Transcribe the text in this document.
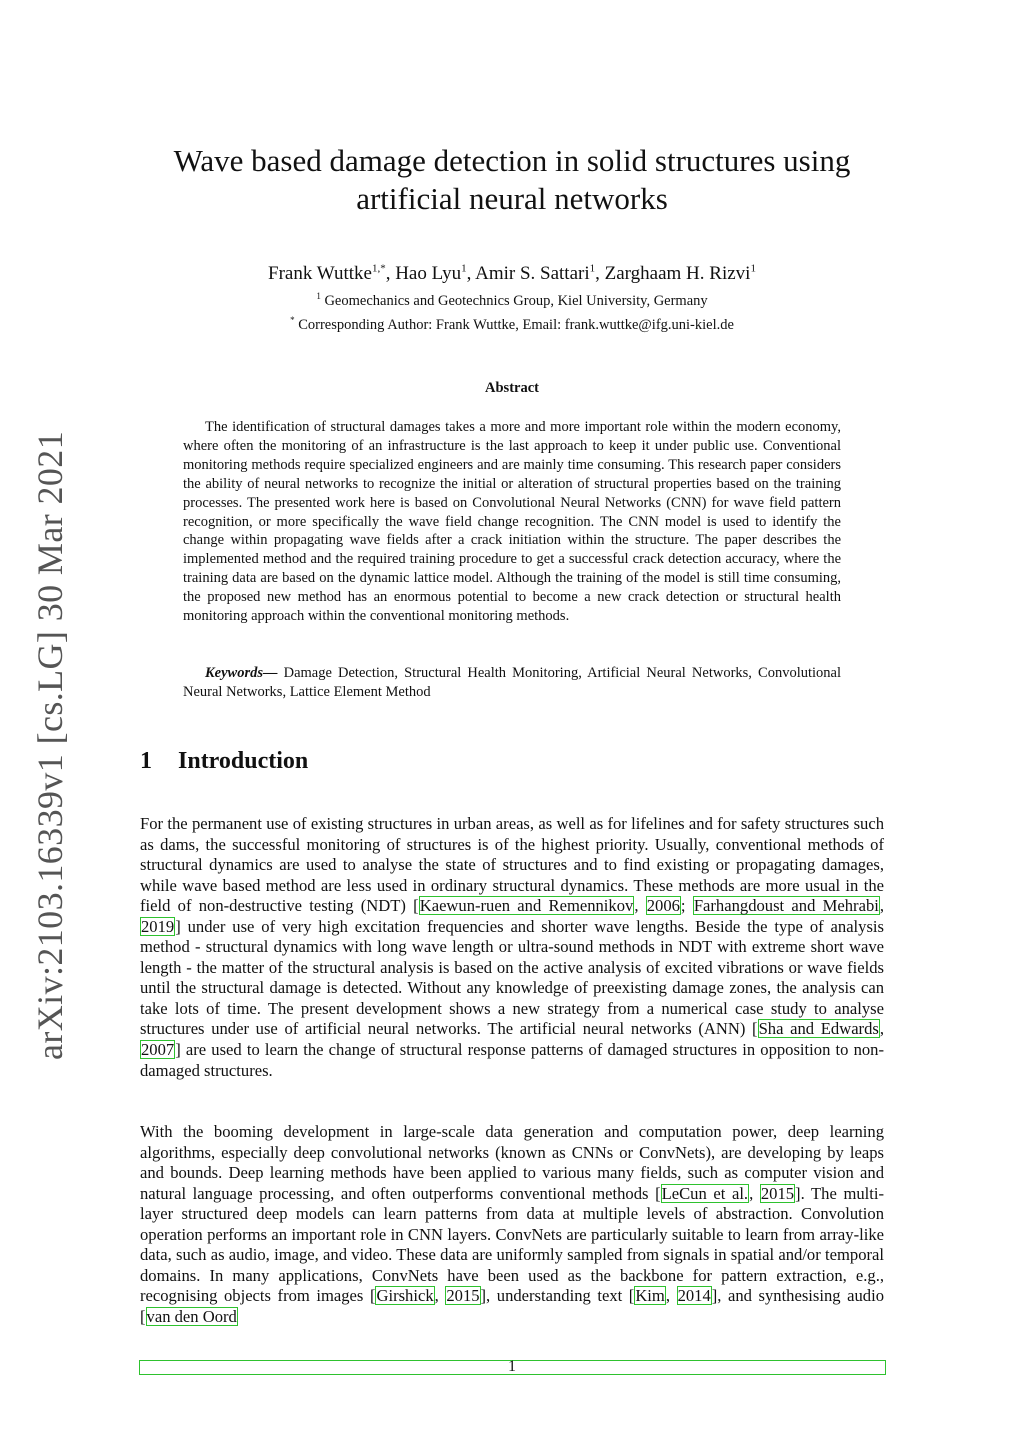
arXiv:2103.16339v1 [cs.LG] 30 Mar 2021
Wave based damage detection in solid structures using
artificial neural networks
Frank Wuttke$^{1,*}$, Hao Lyu$^1$, Amir S. Sattari$^1$, Zarghaam H. Rizvi$^1$
$^1$ Geomechanics and Geotechnics Group, Kiel University, Germany
* Corresponding Author: Frank Wuttke, Email: frank.wuttke@ifg.uni-kiel.de
Abstract

The identification of structural damages takes a more and more important role within the modern economy, where often the monitoring of an infrastructure is the last approach to keep it under public use. Conventional monitoring methods require specialized engineers and are mainly time consuming. This research paper considers the ability of neural networks to recognize the initial or alteration of structural properties based on the training processes. The presented work here is based on Convolutional Neural Networks (CNN) for wave field pattern recognition, or more specifically the wave field change recognition. The CNN model is used to identify the change within propagating wave fields after a crack initiation within the structure. The paper describes the implemented method and the required training procedure to get a successful crack detection accuracy, where the training data are based on the dynamic lattice model. Although the training of the model is still time consuming, the proposed new method has an enormous potential to become a new crack detection or structural health monitoring approach within the conventional monitoring methods.

Keywords— Damage Detection, Structural Health Monitoring, Artificial Neural Networks, Convolutional Neural Networks, Lattice Element Method

1 Introduction

For the permanent use of existing structures in urban areas, as well as for lifelines and for safety structures such as dams, the successful monitoring of structures is of the highest priority. Usually, conventional methods of structural dynamics are used to analyse the state of structures and to find existing or propagating damages, while wave based method are less used in ordinary structural dynamics. These methods are more usual in the field of non-destructive testing (NDT) [Kaewun-ruen and Remennikov, 2006; Farhangdoust and Mehrabi, 2019] under use of very high excitation frequencies and shorter wave lengths. Beside the type of analysis method - structural dynamics with long wave length or ultra-sound methods in NDT with extreme short wave length - the matter of the structural analysis is based on the active analysis of excited vibrations or wave fields until the structural damage is detected. Without any knowledge of preexisting damage zones, the analysis can take lots of time. The present development shows a new strategy from a numerical case study to analyse structures under use of artificial neural networks. The artificial neural networks (ANN) [Sha and Edwards, 2007] are used to learn the change of structural response patterns of damaged structures in opposition to non-damaged structures.

With the booming development in large-scale data generation and computation power, deep learning algorithms, especially deep convolutional networks (known as CNNs or ConvNets), are developing by leaps and bounds. Deep learning methods have been applied to various many fields, such as computer vision and natural language processing, and often outperforms conventional methods [LeCun et al., 2015]. The multi-layer structured deep models can learn patterns from data at multiple levels of abstraction. Convolution operation performs an important role in CNN layers. ConvNets are particularly suitable to learn from array-like data, such as audio, image, and video. These data are uniformly sampled from signals in spatial and/or temporal domains. In many applications, ConvNets have been used as the backbone for pattern extraction, e.g., recognising objects from images [Girshick, 2015], understanding text [Kim, 2014], and synthesising audio [van den Oord

1
